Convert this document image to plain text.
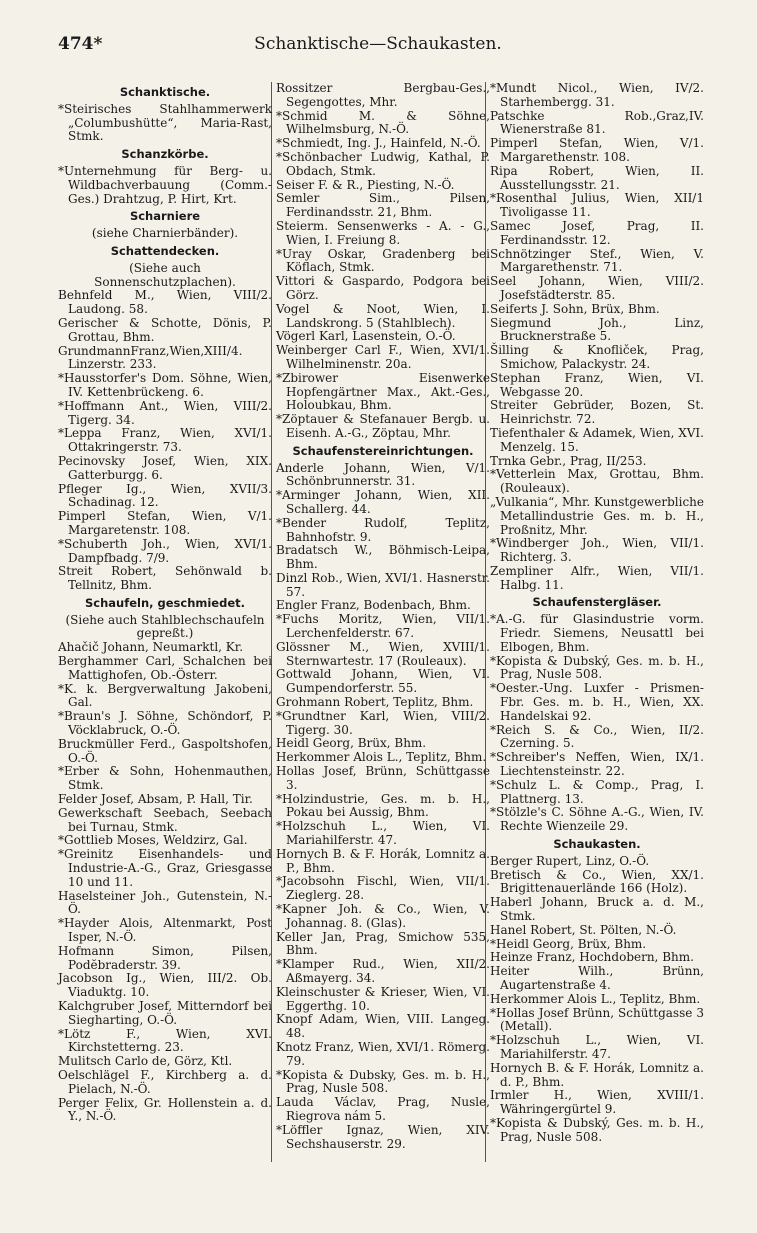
474*	Schanktische—Schaukasten.
Schanktische.
*Steirisches Stahlhammerwerk „Columbushütte“, Maria-Rast, Stmk.
Schanzkörbe.
*Unternehmung für Berg- u. Wildbachverbauung (Comm.-Ges.) Drahtzug, P. Hirt, Krt.
Scharniere
(siehe Charnierbänder).
Schattendecken.
(Siehe auch Sonnenschutzplachen).
Behnfeld M., Wien, VIII/2. Laudong. 58.
Gerischer & Schotte, Dönis, P. Grottau, Bhm.
GrundmannFranz,Wien,XIII/4. Linzerstr. 233.
*Hausstorfer's Dom. Söhne, Wien, IV. Kettenbrückeng. 6.
*Hoffmann Ant., Wien, VIII/2. Tigerg. 34.
*Leppa Franz, Wien, XVI/1. Ottakringerstr. 73.
Pecinovsky Josef, Wien, XIX. Gatterburgg. 6.
Pfleger Ig., Wien, XVII/3. Schadinag. 12.
Pimperl Stefan, Wien, V/1. Margaretenstr. 108.
*Schuberth Joh., Wien, XVI/1. Dampfbadg. 7/9.
Streit Robert, Sehönwald b. Tellnitz, Bhm.
Schaufeln, geschmiedet.
(Siehe auch Stahlblechschaufeln gepreßt.)
Ahačič Johann, Neumarktl, Kr.
Berghammer Carl, Schalchen bei Mattighofen, Ob.-Österr.
*K. k. Bergverwaltung Jakobeni, Gal.
*Braun's J. Söhne, Schöndorf, P. Vöcklabruck, O.-Ö.
Bruckmüller Ferd., Gaspoltshofen, O.-Ö.
*Erber & Sohn, Hohenmauthen, Stmk.
Felder Josef, Absam, P. Hall, Tir.
Gewerkschaft Seebach, Seebach bei Turnau, Stmk.
*Gottlieb Moses, Weldzirz, Gal.
*Greinitz Eisenhandels- und Industrie-A.-G., Graz, Griesgasse 10 und 11.
Haselsteiner Joh., Gutenstein, N.-Ö.
*Hayder Alois, Altenmarkt, Post Isper, N.-Ö.
Hofmann Simon, Pilsen, Podĕbraderstr. 39.
Jacobson Ig., Wien, III/2. Ob. Viaduktg. 10.
Kalchgruber Josef, Mitterndorf bei Siegharting, O.-Ö.
*Lötz F., Wien, XVI. Kirchstetterng. 23.
Mulitsch Carlo de, Görz, Ktl.
Oelschlägel F., Kirchberg a. d. Pielach, N.-Ö.
Perger Felix, Gr. Hollenstein a. d. Y., N.-Ö.
Rossitzer Bergbau-Ges., Segengottes, Mhr.
*Schmid M. & Söhne, Wilhelmsburg, N.-Ö.
*Schmiedt, Ing. J., Hainfeld, N.-Ö.
*Schönbacher Ludwig, Kathal, P. Obdach, Stmk.
Seiser F. & R., Piesting, N.-Ö.
Semler Sim., Pilsen, Ferdinandsstr. 21, Bhm.
Steierm. Sensenwerks - A. - G., Wien, I. Freiung 8.
*Uray Oskar, Gradenberg bei Köflach, Stmk.
Vittori & Gaspardo, Podgora bei Görz.
Vogel & Noot, Wien, I. Landskrong. 5 (Stahlblech).
Vögerl Karl, Lasenstein, O.-Ö.
Weinberger Carl F., Wien, XVI/1. Wilhelminenstr. 20a.
*Zbirower Eisenwerke Hopfengärtner Max., Akt.-Ges., Holoubkau, Bhm.
*Zöptauer & Stefanauer Bergb. u. Eisenh. A.-G., Zöptau, Mhr.
Schaufenstereinrichtungen.
Anderle Johann, Wien, V/1. Schönbrunnerstr. 31.
*Arminger Johann, Wien, XII. Schallerg. 44.
*Bender Rudolf, Teplitz, Bahnhofstr. 9.
Bradatsch W., Böhmisch-Leipa, Bhm.
Dinzl Rob., Wien, XVI/1. Hasnerstr. 57.
Engler Franz, Bodenbach, Bhm.
*Fuchs Moritz, Wien, VII/1. Lerchenfelderstr. 67.
Glössner M., Wien, XVIII/1. Sternwartestr. 17 (Rouleaux).
Gottwald Johann, Wien, VI. Gumpendorferstr. 55.
Grohmann Robert, Teplitz, Bhm.
*Grundtner Karl, Wien, VIII/2. Tigerg. 30.
Heidl Georg, Brüx, Bhm.
Herkommer Alois L., Teplitz, Bhm.
Hollas Josef, Brünn, Schüttgasse 3.
*Holzindustrie, Ges. m. b. H., Pokau bei Aussig, Bhm.
*Holzschuh L., Wien, VI. Mariahilferstr. 47.
Hornych B. & F. Horák, Lomnitz a. P., Bhm.
*Jacobsohn Fischl, Wien, VII/1. Zieglerg. 28.
*Kapner Joh. & Co., Wien, V. Johannag. 8. (Glas).
Keller Jan, Prag, Smichow 535, Bhm.
*Klamper Rud., Wien, XII/2. Aßmayerg. 34.
Kleinschuster & Krieser, Wien, VI. Eggerthg. 10.
Knopf Adam, Wien, VIII. Langeg. 48.
Knotz Franz, Wien, XVI/1. Römerg. 79.
*Kopista & Dubsky, Ges. m. b. H., Prag, Nusle 508.
Lauda Václav, Prag, Nusle, Riegrova nám 5.
*Löffler Ignaz, Wien, XIV. Sechshauserstr. 29.
*Mundt Nicol., Wien, IV/2. Starhembergg. 31.
Patschke Rob.,Graz,IV. Wienerstraße 81.
Pimperl Stefan, Wien, V/1. Margarethenstr. 108.
Ripa Robert, Wien, II. Ausstellungsstr. 21.
*Rosenthal Julius, Wien, XII/1 Tivoligasse 11.
Samec Josef, Prag, II. Ferdinandsstr. 12.
Schnötzinger Stef., Wien, V. Margarethenstr. 71.
Seel Johann, Wien, VIII/2. Josefstädterstr. 85.
Seiferts J. Sohn, Brüx, Bhm.
Siegmund Joh., Linz, Brucknerstraße 5.
Šilling & Knofliček, Prag, Smichow, Palackystr. 24.
Stephan Franz, Wien, VI. Webgasse 20.
Streiter Gebrüder, Bozen, St. Heinrichstr. 72.
Tiefenthaler & Adamek, Wien, XVI. Menzelg. 15.
Trnka Gebr., Prag, II/253.
*Vetterlein Max, Grottau, Bhm. (Rouleaux).
„Vulkania“, Mhr. Kunstgewerbliche Metallindustrie Ges. m. b. H., Proßnitz, Mhr.
*Windberger Joh., Wien, VII/1. Richterg. 3.
Zempliner Alfr., Wien, VII/1. Halbg. 11.
Schaufenstergläser.
*A.-G. für Glasindustrie vorm. Friedr. Siemens, Neusattl bei Elbogen, Bhm.
*Kopista & Dubský, Ges. m. b. H., Prag, Nusle 508.
*Oester.-Ung. Luxfer - Prismen-Fbr. Ges. m. b. H., Wien, XX. Handelskai 92.
*Reich S. & Co., Wien, II/2. Czerning. 5.
*Schreiber's Neffen, Wien, IX/1. Liechtensteinstr. 22.
*Schulz L. & Comp., Prag, I. Plattnerg. 13.
*Stölzle's C. Söhne A.-G., Wien, IV. Rechte Wienzeile 29.
Schaukasten.
Berger Rupert, Linz, O.-Ö.
Bretisch & Co., Wien, XX/1. Brigittenauerlände 166 (Holz).
Haberl Johann, Bruck a. d. M., Stmk.
Hanel Robert, St. Pölten, N.-Ö.
*Heidl Georg, Brüx, Bhm.
Heinze Franz, Hochdobern, Bhm.
Heiter Wilh., Brünn, Augartenstraße 4.
Herkommer Alois L., Teplitz, Bhm.
*Hollas Josef Brünn, Schüttgasse 3 (Metall).
*Holzschuh L., Wien, VI. Mariahilferstr. 47.
Hornych B. & F. Horák, Lomnitz a. d. P., Bhm.
Irmler H., Wien, XVIII/1. Währingergürtel 9.
*Kopista & Dubský, Ges. m. b. H., Prag, Nusle 508.
